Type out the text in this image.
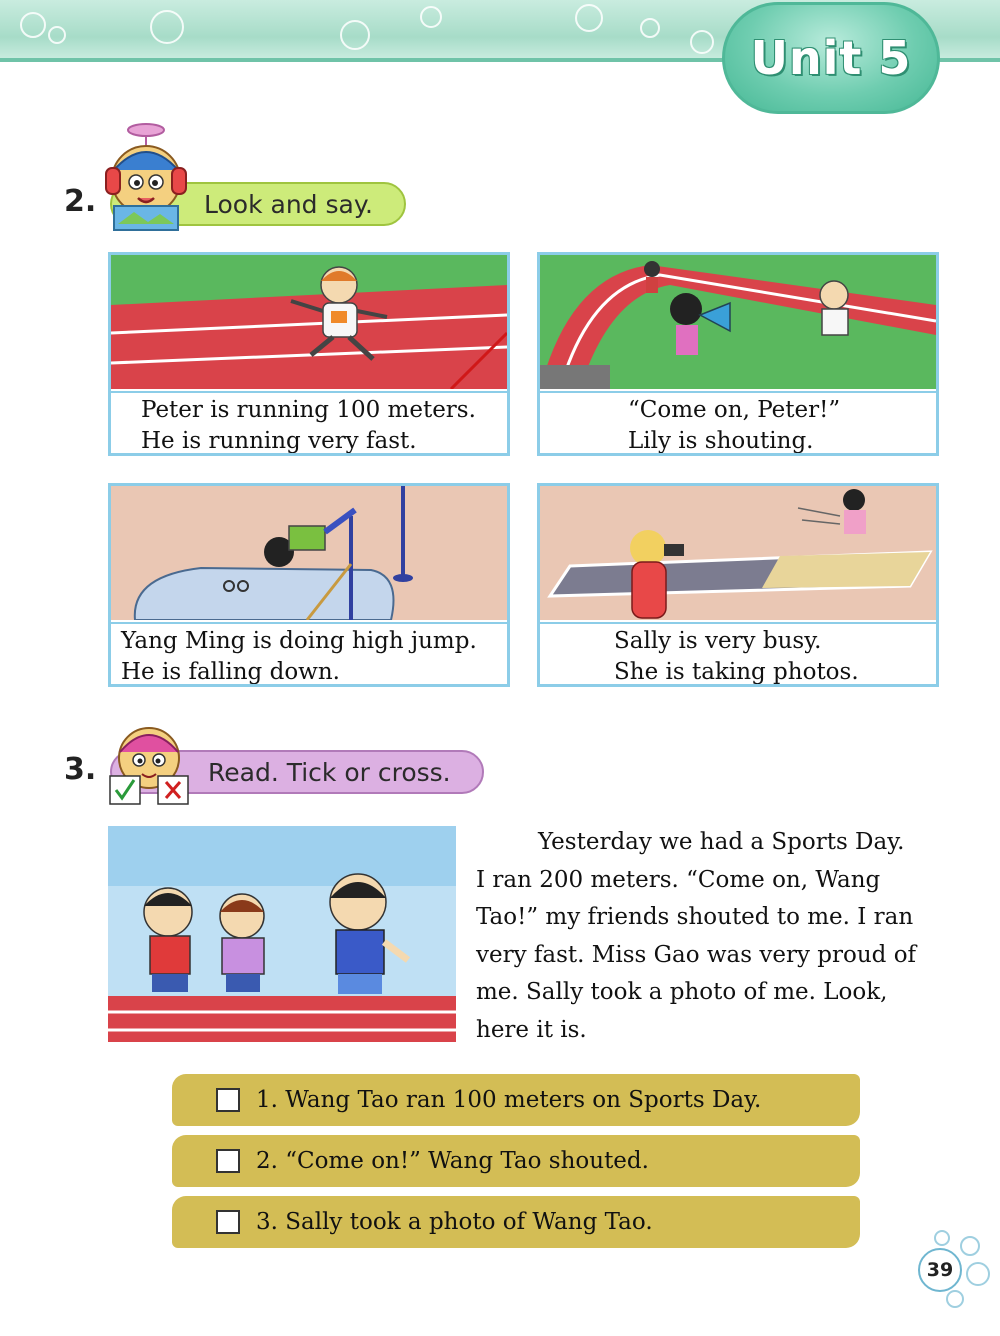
Unit 5
2.	Look and say.
Peter is running 100 meters.
He is running very fast.
“Come on, Peter!”
Lily is shouting.
Yang Ming is doing high jump.
He is falling down.
Sally is very busy.
She is taking photos.
3.	Read. Tick or cross.
Yesterday we had a Sports Day.
I ran 200 meters. “Come on, Wang
Tao!” my friends shouted to me. I ran
very fast. Miss Gao was very proud of
me. Sally took a photo of me. Look,
here it is.
1. Wang Tao ran 100 meters on Sports Day.
2. “Come on!” Wang Tao shouted.
3. Sally took a photo of Wang Tao.
39
